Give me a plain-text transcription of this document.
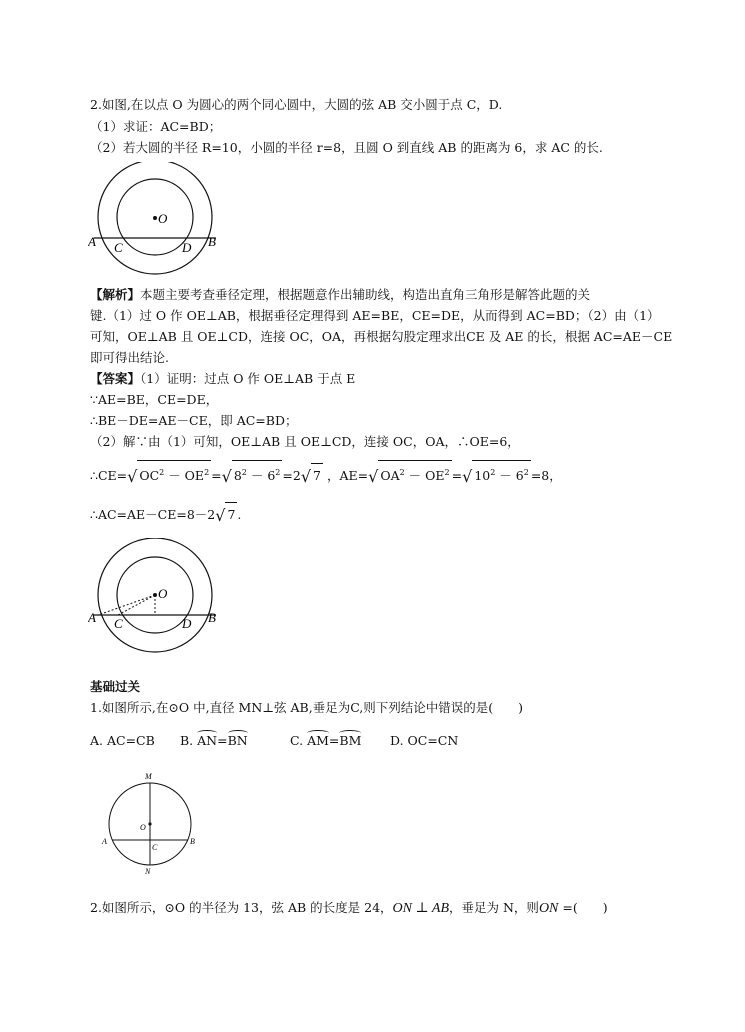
2.如图,在以点 O 为圆心的两个同心圆中，大圆的弦 AB 交小圆于点 C，D.
（1）求证：AC=BD；
（2）若大圆的半径 R=10，小圆的半径 r=8，且圆 O 到直线 AB 的距离为 6，求 AC 的长.
O
A C	D B
【解析】本题主要考查垂径定理，根据题意作出辅助线，构造出直角三角形是解答此题的关
键.（1）过 O 作 OE⊥AB，根据垂径定理得到 AE=BE，CE=DE，从而得到 AC=BD；（2）由（1）
可知，OE⊥AB 且 OE⊥CD，连接 OC，OA，再根据勾股定理求出CE 及 AE 的长，根据 AC=AE－CE
即可得出结论.
【答案】（1）证明：过点 O 作 OE⊥AB 于点 E
∵AE=BE，CE=DE，
∴BE－DE=AE－CE，即 AC=BD；
（2）解∵由（1）可知，OE⊥AB 且 OE⊥CD，连接 OC，OA，∴OE=6，
∴CE=√ $OC^2 - OE^2$ =√ $8^2 - 6^2 =2√$ 7 ，AE=√ $OA^2 - OE^2$ =√ $10^2 - 6^2 =8$，
∴AC=AE－CE=8－2√ 7 .
O
A C	D B
基础过关
1.如图所示,在⊙O 中,直径 MN⊥弦 AB,垂足为C,则下列结论中错误的是(　　)
A. AC=CB B. AN=BN	C. AM=BM D. OC=CN
M
N
O
A	B
C
2.如图所示，⊙O 的半径为 13，弦 AB 的长度是 24，ON ⊥ AB，垂足为 N，则ON =(　　)
